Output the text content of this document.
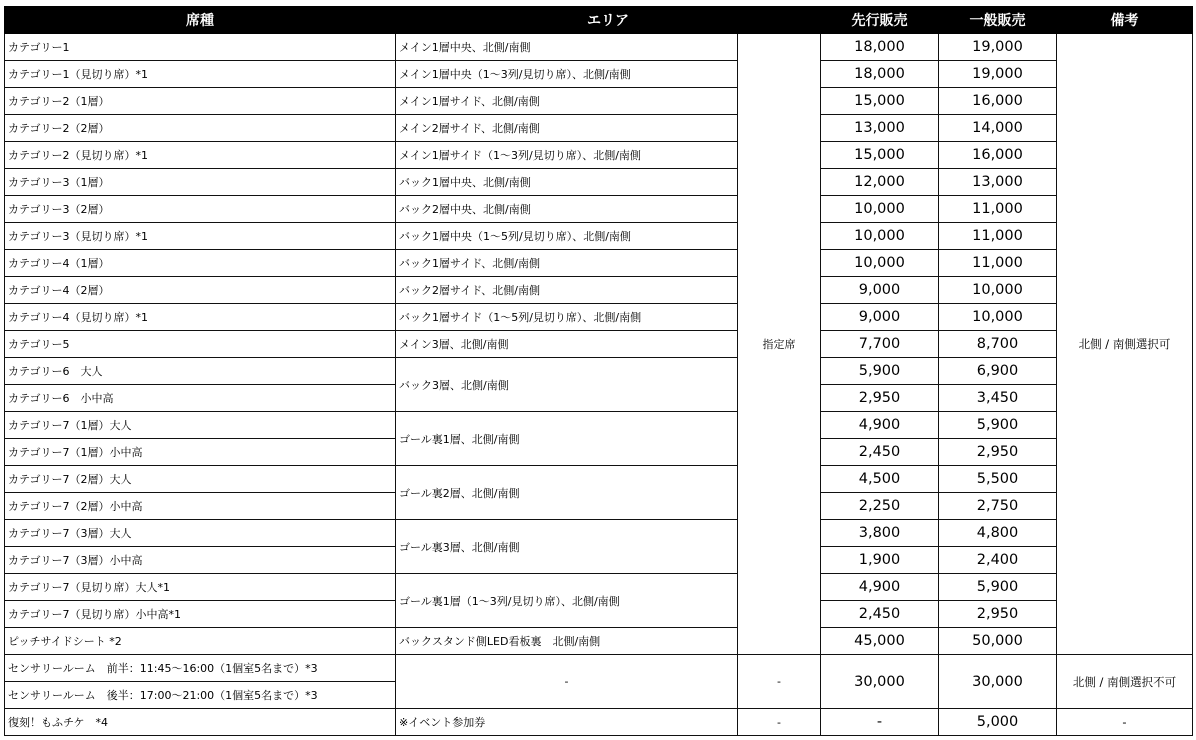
席種	エリア		先行販売	一般販売	備考
カテゴリー1	メイン1層中央、北側/南側	指定席	18,000	19,000	北側 / 南側選択可
カテゴリー1（見切り席）*1	メイン1層中央（1～3列/見切り席）、北側/南側		18,000	19,000	
カテゴリー2（1層）	メイン1層サイド、北側/南側		15,000	16,000	
カテゴリー2（2層）	メイン2層サイド、北側/南側		13,000	14,000	
カテゴリー2（見切り席）*1	メイン1層サイド（1～3列/見切り席）、北側/南側		15,000	16,000	
カテゴリー3（1層）	バック1層中央、北側/南側		12,000	13,000	
カテゴリー3（2層）	バック2層中央、北側/南側		10,000	11,000	
カテゴリー3（見切り席）*1	バック1層中央（1～5列/見切り席）、北側/南側		10,000	11,000	
カテゴリー4（1層）	バック1層サイド、北側/南側		10,000	11,000	
カテゴリー4（2層）	バック2層サイド、北側/南側		9,000	10,000	
カテゴリー4（見切り席）*1	バック1層サイド（1～5列/見切り席）、北側/南側		9,000	10,000	
カテゴリー5	メイン3層、北側/南側		7,700	8,700	
カテゴリー6　大人	バック3層、北側/南側		5,900	6,900	
カテゴリー6　小中高			2,950	3,450	
カテゴリー7（1層）大人	ゴール裏1層、北側/南側		4,900	5,900	
カテゴリー7（1層）小中高			2,450	2,950	
カテゴリー7（2層）大人	ゴール裏2層、北側/南側		4,500	5,500	
カテゴリー7（2層）小中高			2,250	2,750	
カテゴリー7（3層）大人	ゴール裏3層、北側/南側		3,800	4,800	
カテゴリー7（3層）小中高			1,900	2,400	
カテゴリー7（見切り席）大人*1	ゴール裏1層（1～3列/見切り席）、北側/南側		4,900	5,900	
カテゴリー7（見切り席）小中高*1			2,450	2,950	
ピッチサイドシート *2	バックスタンド側LED看板裏　北側/南側		45,000	50,000	
センサリールーム　前半：11:45～16:00（1個室5名まで）*3	-	-	30,000	30,000	北側 / 南側選択不可
センサリールーム　後半：17:00～21:00（1個室5名まで）*3					
復刻！もふチケ　*4	※イベント参加券	-	-	5,000	-
